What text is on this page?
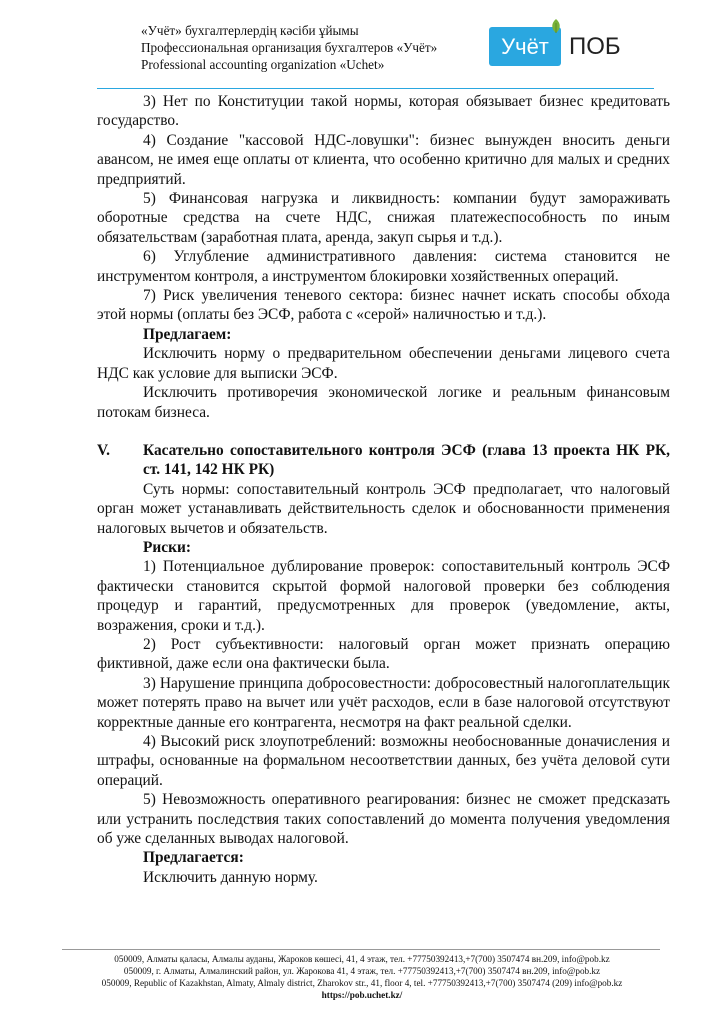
«Учёт» бухгалтерлердің кәсіби ұйымы
Профессиональная организация бухгалтеров «Учёт»
Professional accounting organization «Uchet»
Учёт ПОБ

3) Нет по Конституции такой нормы, которая обязывает бизнес кредитовать государство.

4) Создание "кассовой НДС-ловушки": бизнес вынужден вносить деньги авансом, не имея еще оплаты от клиента, что особенно критично для малых и средних предприятий.

5) Финансовая нагрузка и ликвидность: компании будут замораживать оборотные средства на счете НДС, снижая платежеспособность по иным обязательствам (заработная плата, аренда, закуп сырья и т.д.).

6) Углубление административного давления: система становится не инструментом контроля, а инструментом блокировки хозяйственных операций.

7) Риск увеличения теневого сектора: бизнес начнет искать способы обхода этой нормы (оплаты без ЭСФ, работа с «серой» наличностью и т.д.).

Предлагаем:

Исключить норму о предварительном обеспечении деньгами лицевого счета НДС как условие для выписки ЭСФ.

Исключить противоречия экономической логике и реальным финансовым потокам бизнеса.

V. Касательно сопоставительного контроля ЭСФ (глава 13 проекта НК РК, ст. 141, 142 НК РК)

Суть нормы: сопоставительный контроль ЭСФ предполагает, что налоговый орган может устанавливать действительность сделок и обоснованности применения налоговых вычетов и обязательств.

Риски:

1) Потенциальное дублирование проверок: сопоставительный контроль ЭСФ фактически становится скрытой формой налоговой проверки без соблюдения процедур и гарантий, предусмотренных для проверок (уведомление, акты, возражения, сроки и т.д.).

2) Рост субъективности: налоговый орган может признать операцию фиктивной, даже если она фактически была.

3) Нарушение принципа добросовестности: добросовестный налогоплательщик может потерять право на вычет или учёт расходов, если в базе налоговой отсутствуют корректные данные его контрагента, несмотря на факт реальной сделки.

4) Высокий риск злоупотреблений: возможны необоснованные доначисления и штрафы, основанные на формальном несоответствии данных, без учёта деловой сути операций.

5) Невозможность оперативного реагирования: бизнес не сможет предсказать или устранить последствия таких сопоставлений до момента получения уведомления об уже сделанных выводах налоговой.

Предлагается:

Исключить данную норму.

050009, Алматы қаласы, Алмалы ауданы, Жароков көшесі, 41, 4 этаж, тел. +77750392413,+7(700) 3507474 вн.209, info@pob.kz
050009, г. Алматы, Алмалинский район, ул. Жарокова 41, 4 этаж, тел. +77750392413,+7(700) 3507474 вн.209, info@pob.kz
050009, Republic of Kazakhstan, Almaty, Almaly district, Zharokov str., 41, floor 4, tel. +77750392413,+7(700) 3507474 (209) info@pob.kz
https://pob.uchet.kz/
